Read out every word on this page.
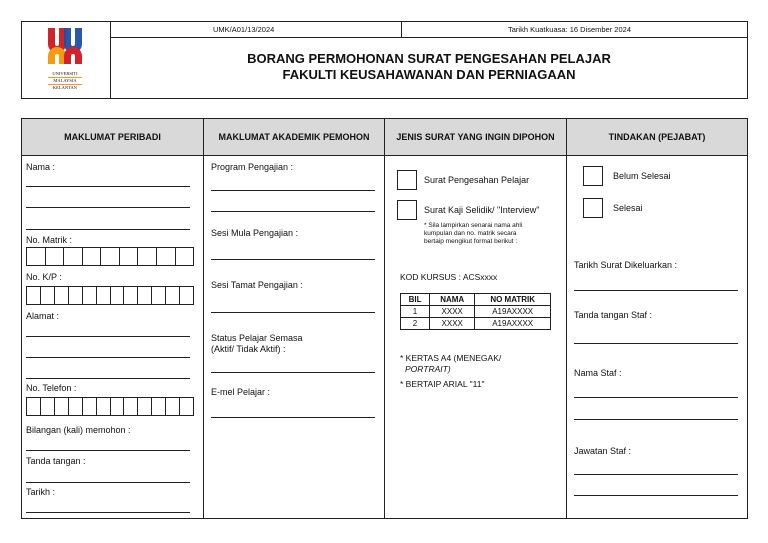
UNIVERSITI
MALAYSIA
KELANTAN
UMK/A01/13/2024	Tarikh Kuatkuasa: 16 Disember 2024
BORANG PERMOHONAN SURAT PENGESAHAN PELAJAR
FAKULTI KEUSAHAWANAN DAN PERNIAGAAN
MAKLUMAT PERIBADI	MAKLUMAT AKADEMIK PEMOHON	JENIS SURAT YANG INGIN DIPOHON	TINDAKAN (PEJABAT)
Nama :
No. Matrik :
No. K/P :
Alamat :
No. Telefon :
Bilangan (kali) memohon :
Tanda tangan :
Tarikh :
Program Pengajian :
Sesi Mula Pengajian :
Sesi Tamat Pengajian :
Status Pelajar Semasa
(Aktif/ Tidak Aktif) :
E-mel Pelajar :
Surat Pengesahan Pelajar
Surat Kaji Selidik/ "Interview"
* Sila lampirkan senarai nama ahli
kumpulan dan no. matrik secara
bertaip mengikut format berikut :
KOD KURSUS : ACSxxxx
BIL	NAMA	NO MATRIK
1	XXXX	A19AXXXX
2	XXXX	A19AXXXX
* KERTAS A4 (MENEGAK/
PORTRAIT)
* BERTAIP ARIAL "11"
Belum Selesai
Selesai
Tarikh Surat Dikeluarkan :
Tanda tangan Staf :
Nama Staf :
Jawatan Staf :
